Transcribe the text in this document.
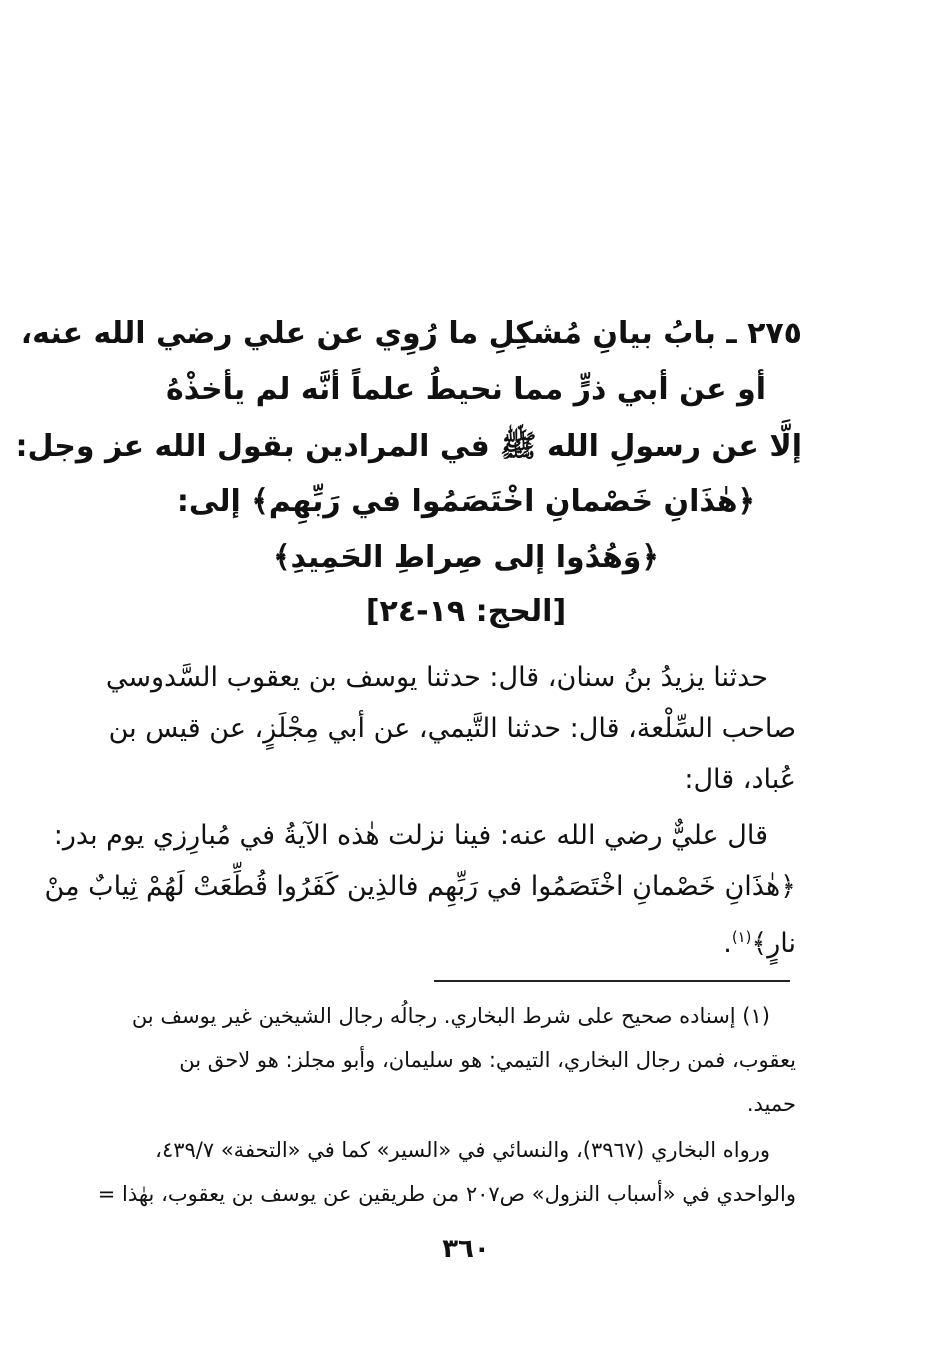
٢٧٥ ـ بابُ بيانِ مُشكِلِ ما رُوِي عن علي رضي الله عنه،
أو عن أبي ذرٍّ مما نحيطُ علماً أنَّه لم يأخذْهُ
إلَّا عن رسولِ الله ﷺ في المرادين بقول الله عز وجل:
﴿هٰذَانِ خَصْمانِ اخْتَصَمُوا في رَبِّهِم﴾ إلى:
﴿وَهُدُوا إلى صِراطِ الحَمِيدِ﴾
[الحج: ١٩-٢٤]
حدثنا يزيدُ بنُ سنان، قال: حدثنا يوسف بن يعقوب السَّدوسي
صاحب السِّلْعة، قال: حدثنا التَّيمي، عن أبي مِجْلَزٍ، عن قيس بن
عُباد، قال:
قال عليٌّ رضي الله عنه: فينا نزلت هٰذه الآيةُ في مُبارِزي يوم بدر:
﴿هٰذَانِ خَصْمانِ اخْتَصَمُوا في رَبِّهِم فالذِين كَفَرُوا قُطِّعَتْ لَهُمْ ثِيابٌ مِنْ
نارٍ﴾$^{(١)}$.
(١) إسناده صحيح على شرط البخاري. رجالُه رجال الشيخين غير يوسف بن
يعقوب، فمن رجال البخاري، التيمي: هو سليمان، وأبو مجلز: هو لاحق بن
حميد.
ورواه البخاري (٣٩٦٧)، والنسائي في «السير» كما في «التحفة» ٤٣٩/٧،
والواحدي في «أسباب النزول» ص٢٠٧ من طريقين عن يوسف بن يعقوب، بهٰذا =
٣٦٠
